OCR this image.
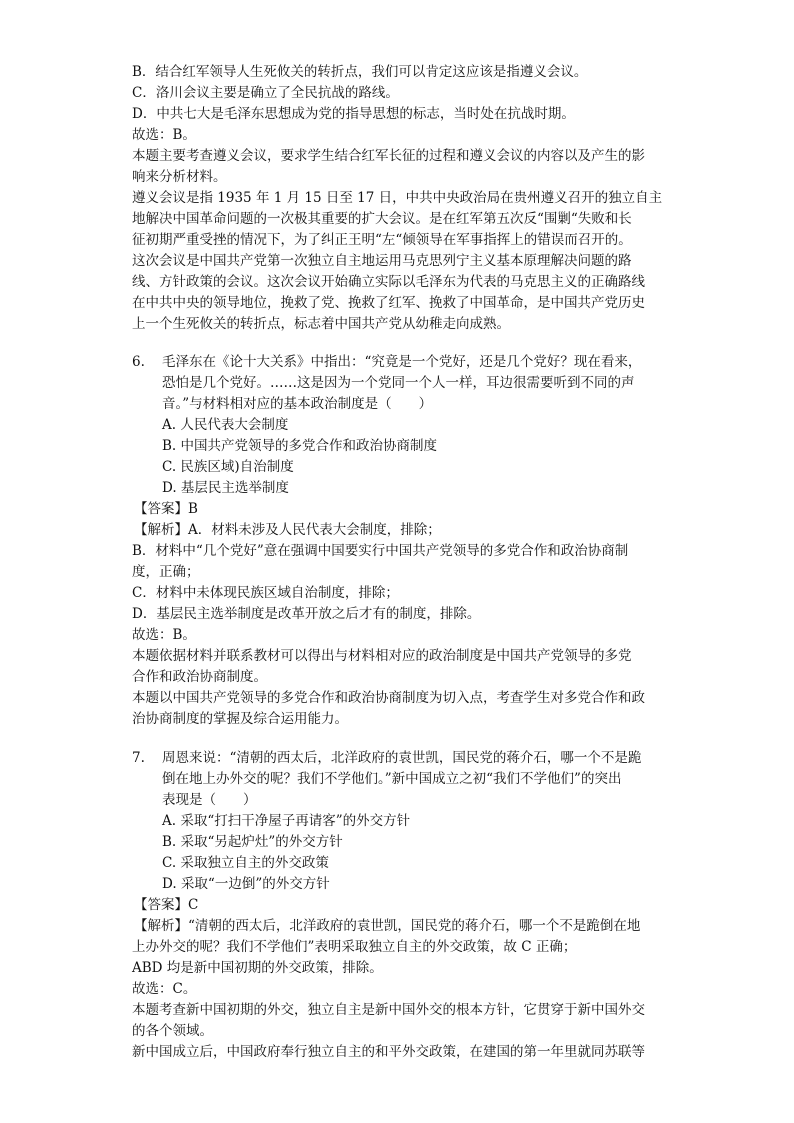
B．结合红军领导人生死攸关的转折点，我们可以肯定这应该是指遵义会议。
C．洛川会议主要是确立了全民抗战的路线。
D．中共七大是毛泽东思想成为党的指导思想的标志，当时处在抗战时期。
故选：B。
本题主要考查遵义会议，要求学生结合红军长征的过程和遵义会议的内容以及产生的影
响来分析材料。
遵义会议是指 1935 年 1 月 15 日至 17 日，中共中央政治局在贵州遵义召开的独立自主
地解决中国革命问题的一次极其重要的扩大会议。是在红军第五次反“围剿“失败和长
征初期严重受挫的情况下，为了纠正王明“左“倾领导在军事指挥上的错误而召开的。
这次会议是中国共产党第一次独立自主地运用马克思列宁主义基本原理解决问题的路
线、方针政策的会议。这次会议开始确立实际以毛泽东为代表的马克思主义的正确路线
在中共中央的领导地位，挽救了党、挽救了红军、挽救了中国革命，是中国共产党历史
上一个生死攸关的转折点，标志着中国共产党从幼稚走向成熟。
6.	毛泽东在《论十大关系》中指出：“究竟是一个党好，还是几个党好？现在看来，
恐怕是几个党好。……这是因为一个党同一个人一样，耳边很需要听到不同的声
音。”与材料相对应的基本政治制度是（　　）
A. 人民代表大会制度
B. 中国共产党领导的多党合作和政治协商制度
C. 民族区域)自治制度
D. 基层民主选举制度
【答案】B
【解析】A．材料未涉及人民代表大会制度，排除；
B．材料中“几个党好”意在强调中国要实行中国共产党领导的多党合作和政治协商制
度，正确；
C．材料中未体现民族区域自治制度，排除；
D．基层民主选举制度是改革开放之后才有的制度，排除。
故选：B。
本题依据材料并联系教材可以得出与材料相对应的政治制度是中国共产党领导的多党
合作和政治协商制度。
本题以中国共产党领导的多党合作和政治协商制度为切入点，考查学生对多党合作和政
治协商制度的掌握及综合运用能力。
7.	周恩来说：“清朝的西太后，北洋政府的袁世凯，国民党的蒋介石，哪一个不是跪
倒在地上办外交的呢？我们不学他们。”新中国成立之初“我们不学他们”的突出
表现是（　　）
A. 采取“打扫干净屋子再请客”的外交方针
B. 采取“另起炉灶”的外交方针
C. 采取独立自主的外交政策
D. 采取“一边倒”的外交方针
【答案】C
【解析】“清朝的西太后，北洋政府的袁世凯，国民党的蒋介石，哪一个不是跪倒在地
上办外交的呢？我们不学他们”表明采取独立自主的外交政策，故 C 正确；
ABD 均是新中国初期的外交政策，排除。
故选：C。
本题考查新中国初期的外交，独立自主是新中国外交的根本方针，它贯穿于新中国外交
的各个领域。
新中国成立后，中国政府奉行独立自主的和平外交政策，在建国的第一年里就同苏联等
